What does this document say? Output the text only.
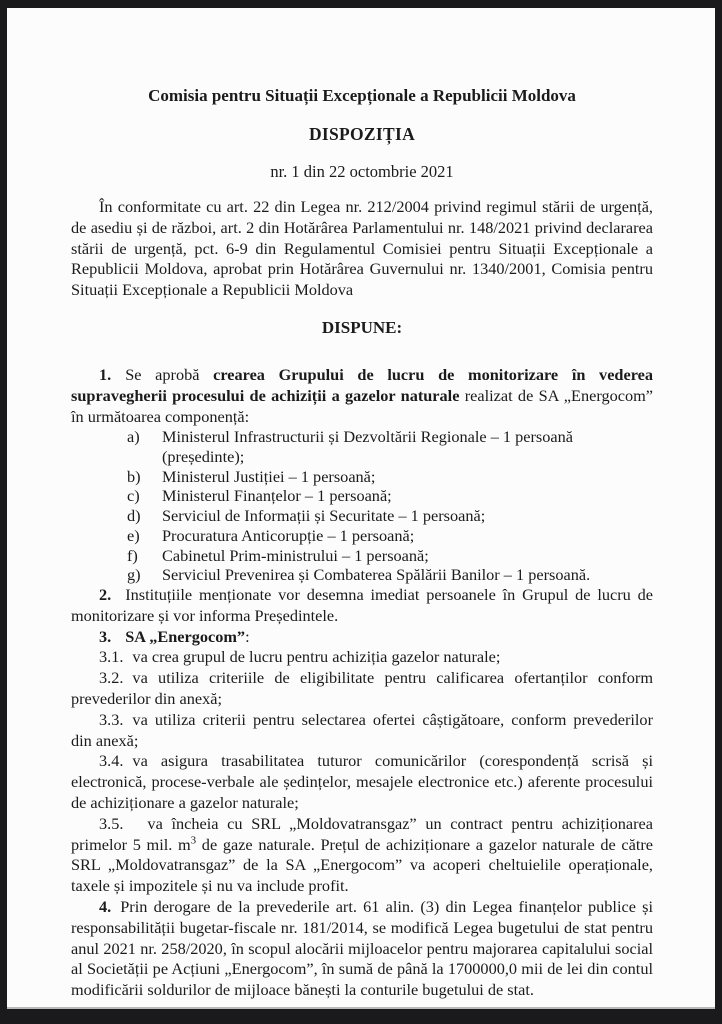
Comisia pentru Situații Excepționale a Republicii Moldova
DISPOZIȚIA

nr. 1 din 22 octombrie 2021

În conformitate cu art. 22 din Legea nr. 212/2004 privind regimul stării de urgență, de asediu și de război, art. 2 din Hotărârea Parlamentului nr. 148/2021 privind declararea stării de urgență, pct. 6-9 din Regulamentul Comisiei pentru Situații Excepționale a Republicii Moldova, aprobat prin Hotărârea Guvernului nr. 1340/2001, Comisia pentru Situații Excepționale a Republicii Moldova

DISPUNE:

1. Se aprobă crearea Grupului de lucru de monitorizare în vederea supravegherii procesului de achiziții a gazelor naturale realizat de SA „Energocom” în următoarea componență:

a)	Ministerul Infrastructurii și Dezvoltării Regionale – 1 persoană (președinte);
b)	Ministerul Justiției – 1 persoană;
c)	Ministerul Finanțelor – 1 persoană;
d)	Serviciul de Informații și Securitate – 1 persoană;
e)	Procuratura Anticorupție – 1 persoană;
f)	Cabinetul Prim-ministrului – 1 persoană;
g)	Serviciul Prevenirea și Combaterea Spălării Banilor – 1 persoană.

2. Instituțiile menționate vor desemna imediat persoanele în Grupul de lucru de monitorizare și vor informa Președintele.

3. SA „Energocom”:

3.1. va crea grupul de lucru pentru achiziția gazelor naturale;

3.2. va utiliza criteriile de eligibilitate pentru calificarea ofertanților conform prevederilor din anexă;

3.3. va utiliza criterii pentru selectarea ofertei câștigătoare, conform prevederilor din anexă;

3.4. va asigura trasabilitatea tuturor comunicărilor (corespondență scrisă și electronică, procese-verbale ale ședințelor, mesajele electronice etc.) aferente procesului de achiziționare a gazelor naturale;

3.5. va încheia cu SRL „Moldovatransgaz” un contract pentru achiziționarea primelor 5 mil. $m^3$ de gaze naturale. Prețul de achiziționare a gazelor naturale de către SRL „Moldovatransgaz” de la SA „Energocom” va acoperi cheltuielile operaționale, taxele și impozitele și nu va include profit.

4. Prin derogare de la prevederile art. 61 alin. (3) din Legea finanțelor publice și responsabilității bugetar-fiscale nr. 181/2014, se modifică Legea bugetului de stat pentru anul 2021 nr. 258/2020, în scopul alocării mijloacelor pentru majorarea capitalului social al Societății pe Acțiuni „Energocom”, în sumă de până la 1700000,0 mii de lei din contul modificării soldurilor de mijloace bănești la conturile bugetului de stat.
